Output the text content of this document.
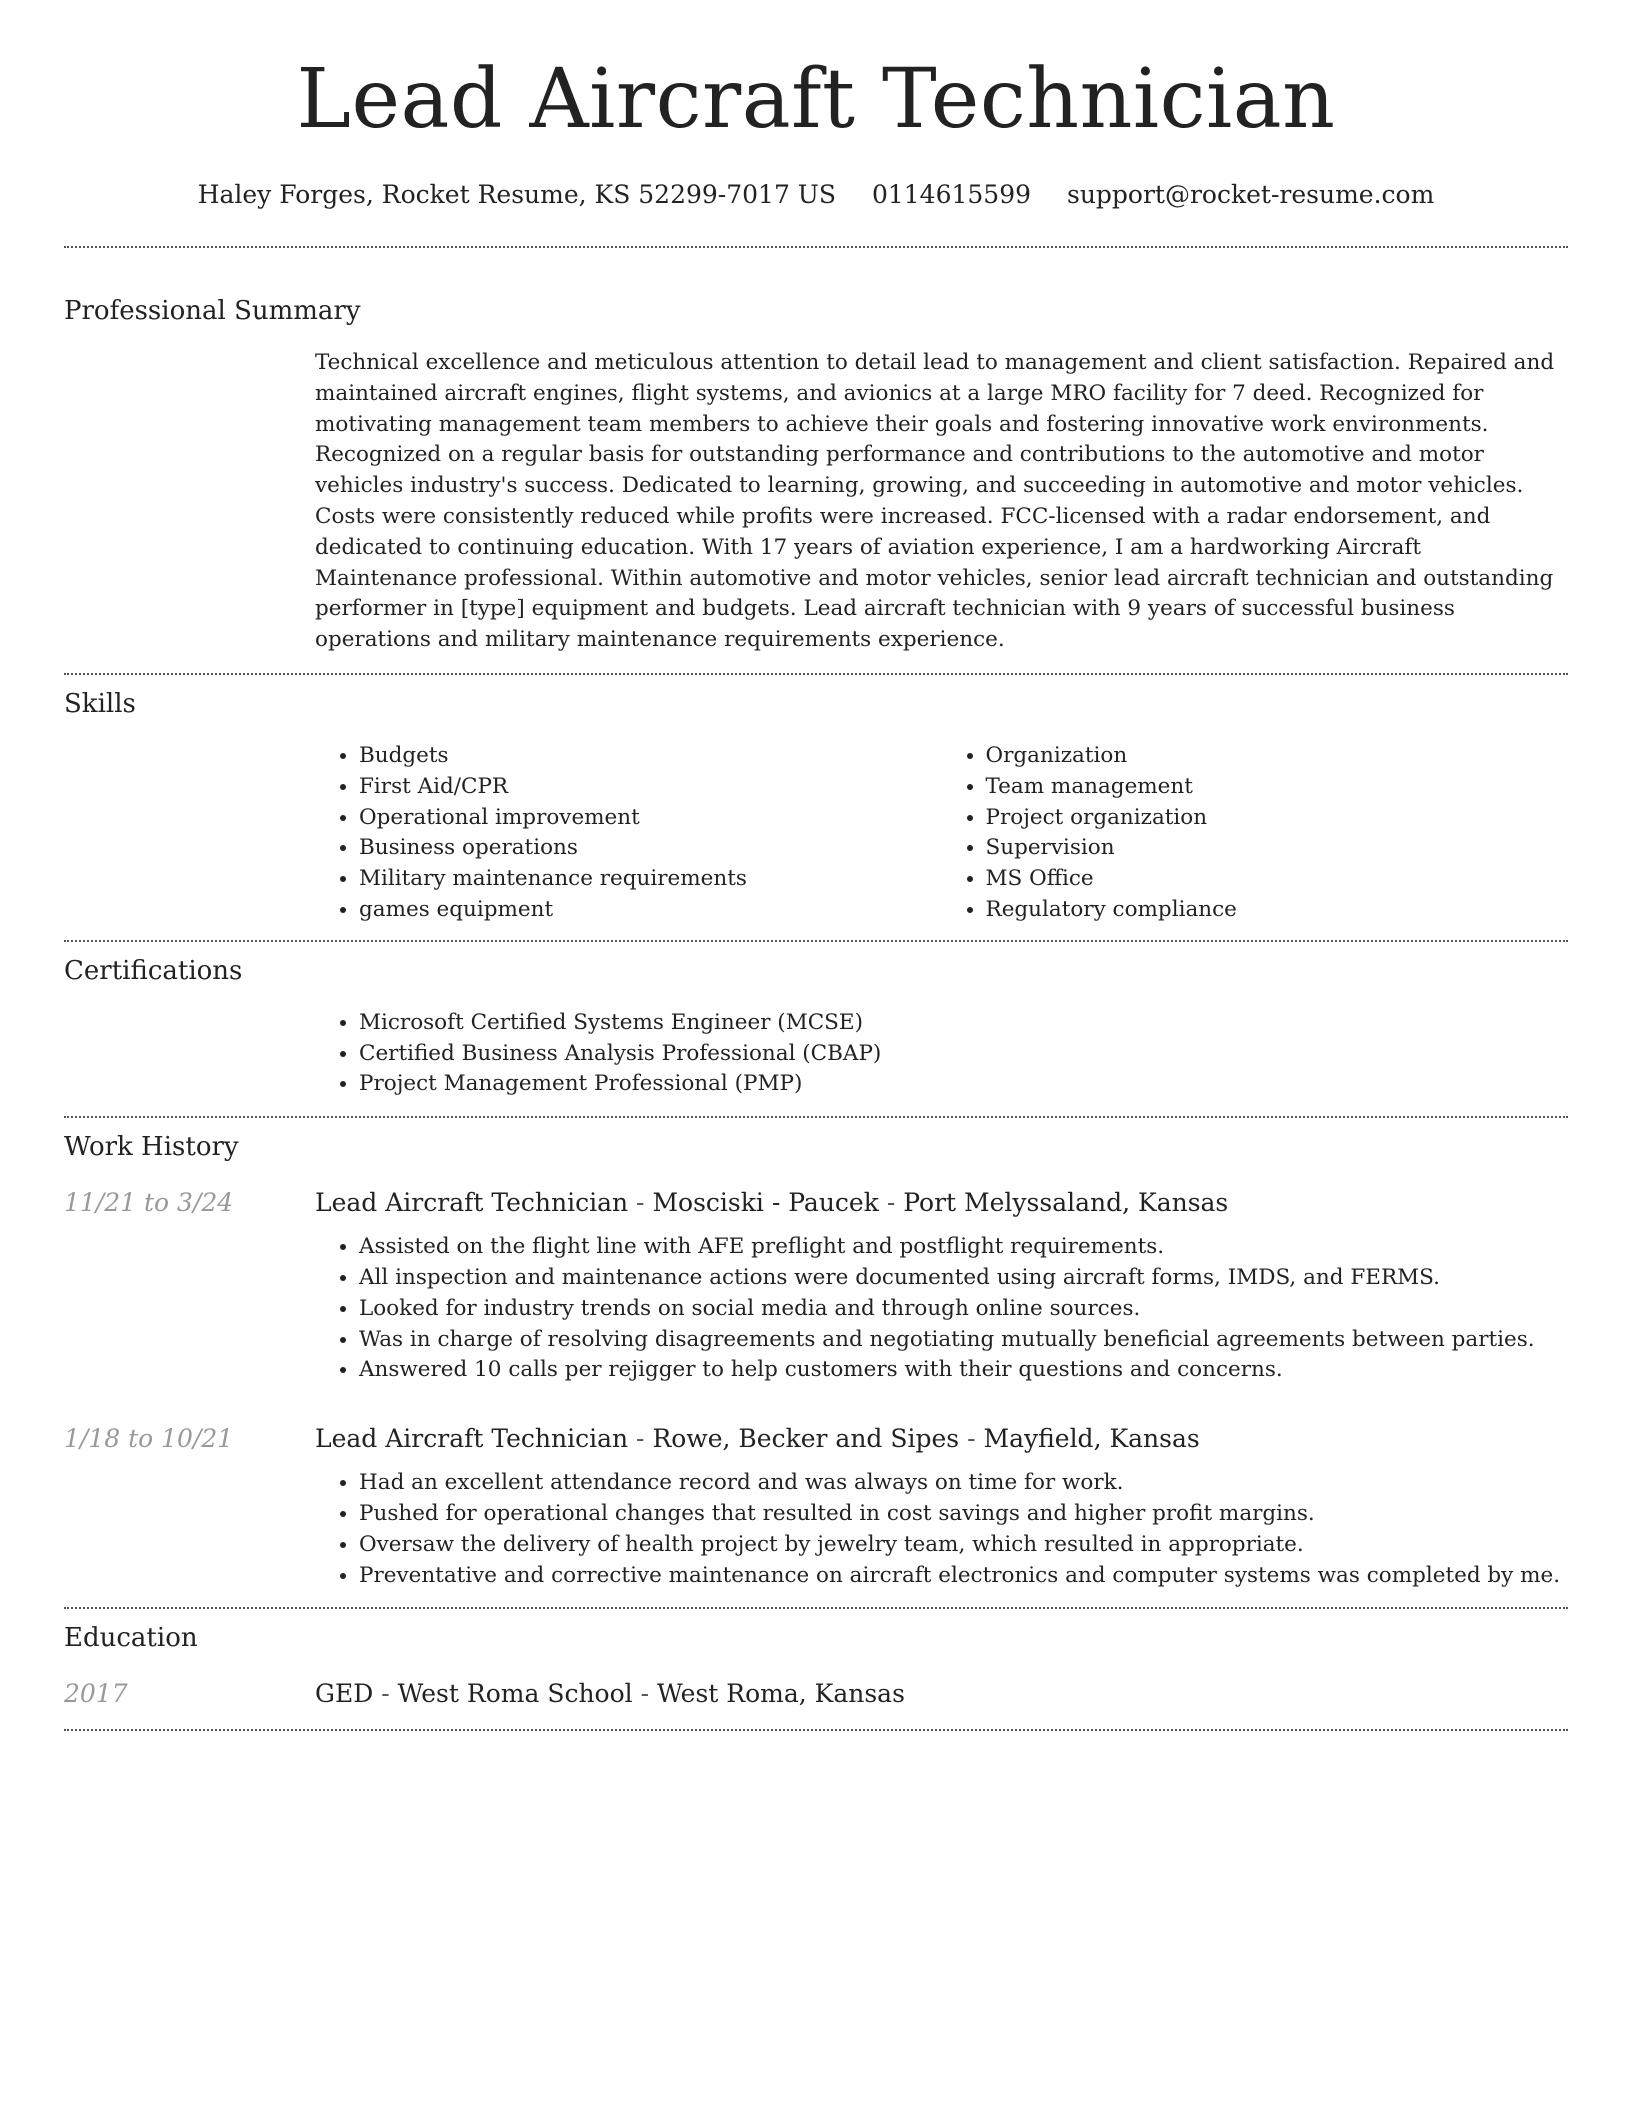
Lead Aircraft Technician
Haley Forges, Rocket Resume, KS 52299-7017 US 0114615599 support@rocket-resume.com
Professional Summary
Technical excellence and meticulous attention to detail lead to management and client satisfaction. Repaired and maintained aircraft engines, flight systems, and avionics at a large MRO facility for 7 deed. Recognized for motivating management team members to achieve their goals and fostering innovative work environments. Recognized on a regular basis for outstanding performance and contributions to the automotive and motor vehicles industry's success. Dedicated to learning, growing, and succeeding in automotive and motor vehicles. Costs were consistently reduced while profits were increased. FCC-licensed with a radar endorsement, and dedicated to continuing education. With 17 years of aviation experience, I am a hardworking Aircraft Maintenance professional. Within automotive and motor vehicles, senior lead aircraft technician and outstanding performer in [type] equipment and budgets. Lead aircraft technician with 9 years of successful business operations and military maintenance requirements experience.
Skills
• Budgets
• First Aid/CPR
• Operational improvement
• Business operations
• Military maintenance requirements
• games equipment
• Organization
• Team management
• Project organization
• Supervision
• MS Office
• Regulatory compliance
Certifications
• Microsoft Certified Systems Engineer (MCSE)
• Certified Business Analysis Professional (CBAP)
• Project Management Professional (PMP)
Work History
11/21 to 3/24	Lead Aircraft Technician - Mosciski - Paucek - Port Melyssaland, Kansas
• Assisted on the flight line with AFE preflight and postflight requirements.
• All inspection and maintenance actions were documented using aircraft forms, IMDS, and FERMS.
• Looked for industry trends on social media and through online sources.
• Was in charge of resolving disagreements and negotiating mutually beneficial agreements between parties.
• Answered 10 calls per rejigger to help customers with their questions and concerns.
1/18 to 10/21	Lead Aircraft Technician - Rowe, Becker and Sipes - Mayfield, Kansas
• Had an excellent attendance record and was always on time for work.
• Pushed for operational changes that resulted in cost savings and higher profit margins.
• Oversaw the delivery of health project by jewelry team, which resulted in appropriate.
• Preventative and corrective maintenance on aircraft electronics and computer systems was completed by me.
Education
2017	GED - West Roma School - West Roma, Kansas
